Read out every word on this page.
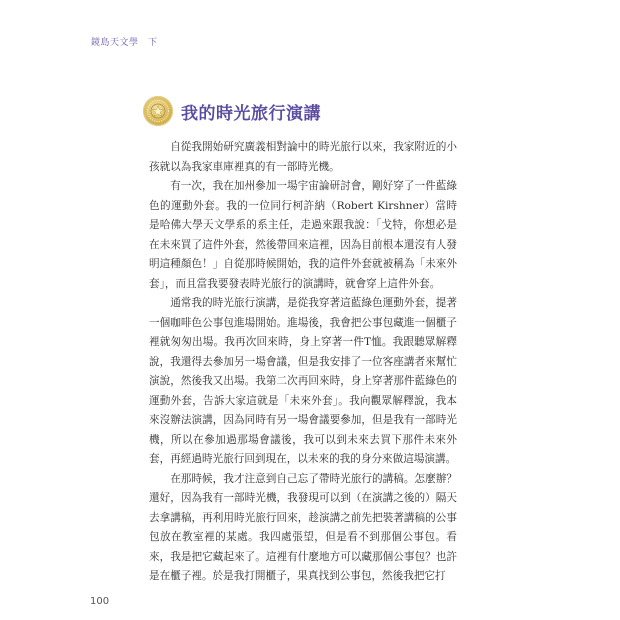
鏡島天文學　下
我的時光旅行演講

自從我開始研究廣義相對論中的時光旅行以來，我家附近的小孩就以為我家車庫裡真的有一部時光機。

有一次，我在加州參加一場宇宙論研討會，剛好穿了一件藍綠色的運動外套。我的一位同行柯許納（Robert Kirshner）當時是哈佛大學天文學系的系主任，走過來跟我說：「戈特，你想必是在未來買了這件外套，然後帶回來這裡，因為目前根本還沒有人發明這種顏色！」自從那時候開始，我的這件外套就被稱為「未來外套」，而且當我要發表時光旅行的演講時，就會穿上這件外套。

通常我的時光旅行演講，是從我穿著這藍綠色運動外套，提著一個咖啡色公事包進場開始。進場後，我會把公事包藏進一個櫃子裡就匆匆出場。我再次回來時，身上穿著一件T恤。我跟聽眾解釋說，我還得去參加另一場會議，但是我安排了一位客座講者來幫忙演說，然後我又出場。我第二次再回來時，身上穿著那件藍綠色的運動外套，告訴大家這就是「未來外套」。我向觀眾解釋說，我本來沒辦法演講，因為同時有另一場會議要參加，但是我有一部時光機，所以在參加過那場會議後，我可以到未來去買下那件未來外套，再經過時光旅行回到現在，以未來的我的身分來做這場演講。

在那時候，我才注意到自己忘了帶時光旅行的講稿。怎麼辦？還好，因為我有一部時光機，我發現可以到（在演講之後的）隔天去拿講稿，再利用時光旅行回來，趁演講之前先把裝著講稿的公事包放在教室裡的某處。我四處張望，但是看不到那個公事包。看來，我是把它藏起來了。這裡有什麼地方可以藏那個公事包？也許是在櫃子裡。於是我打開櫃子，果真找到公事包，然後我把它打

100
